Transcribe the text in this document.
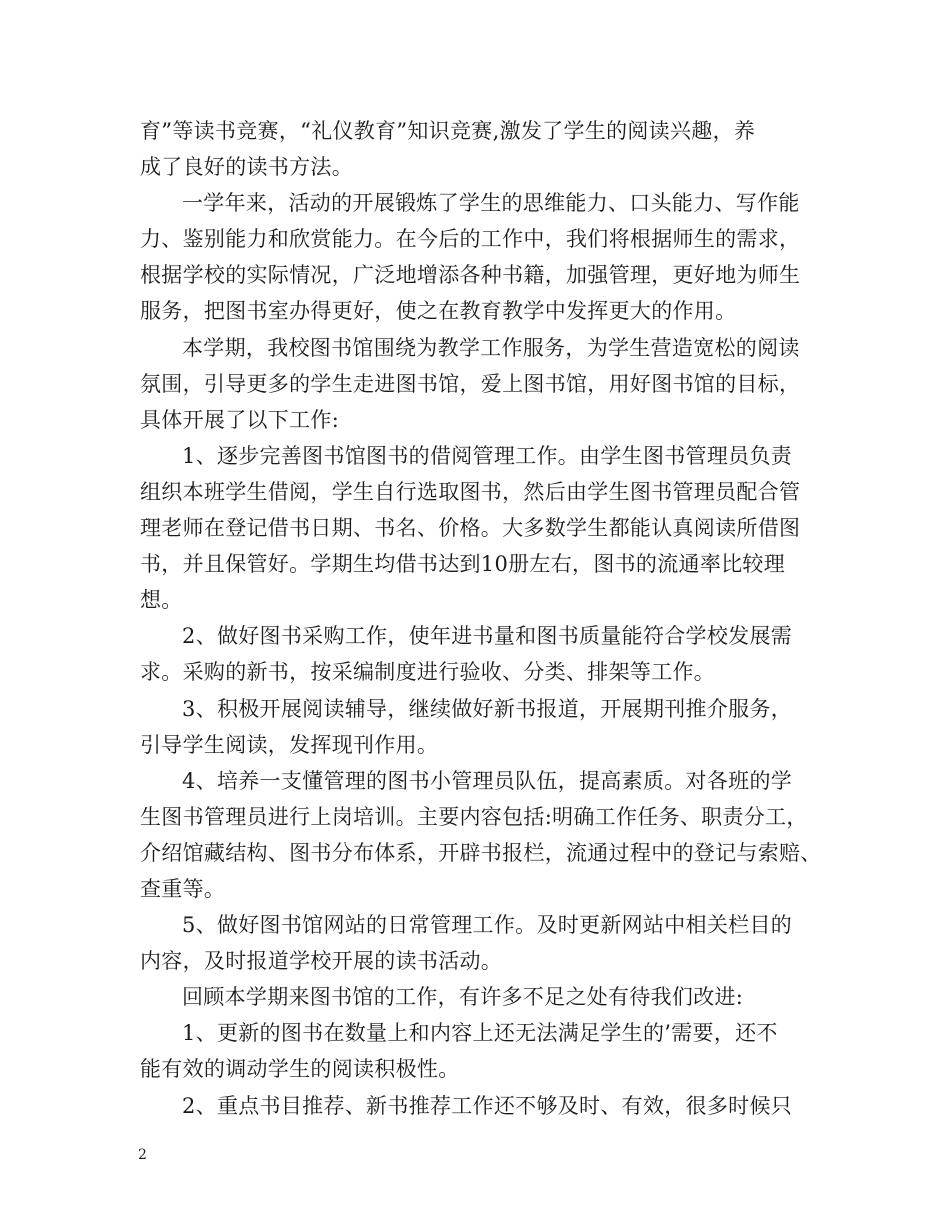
育”等读书竞赛，“礼仪教育”知识竞赛,激发了学生的阅读兴趣，养
成了良好的读书方法。
一学年来，活动的开展锻炼了学生的思维能力、口头能力、写作能
力、鉴别能力和欣赏能力。在今后的工作中，我们将根据师生的需求，
根据学校的实际情况，广泛地增添各种书籍，加强管理，更好地为师生
服务，把图书室办得更好，使之在教育教学中发挥更大的作用。
本学期，我校图书馆围绕为教学工作服务，为学生营造宽松的阅读
氛围，引导更多的学生走进图书馆，爱上图书馆，用好图书馆的目标，
具体开展了以下工作:
1、逐步完善图书馆图书的借阅管理工作。由学生图书管理员负责
组织本班学生借阅，学生自行选取图书，然后由学生图书管理员配合管
理老师在登记借书日期、书名、价格。大多数学生都能认真阅读所借图
书，并且保管好。学期生均借书达到10册左右，图书的流通率比较理
想。
2、做好图书采购工作，使年进书量和图书质量能符合学校发展需
求。采购的新书，按采编制度进行验收、分类、排架等工作。
3、积极开展阅读辅导，继续做好新书报道，开展期刊推介服务，
引导学生阅读，发挥现刊作用。
4、培养一支懂管理的图书小管理员队伍，提高素质。对各班的学
生图书管理员进行上岗培训。主要内容包括:明确工作任务、职责分工，
介绍馆藏结构、图书分布体系，开辟书报栏，流通过程中的登记与索赔、
查重等。
5、做好图书馆网站的日常管理工作。及时更新网站中相关栏目的
内容，及时报道学校开展的读书活动。
回顾本学期来图书馆的工作，有许多不足之处有待我们改进:
1、更新的图书在数量上和内容上还无法满足学生的’需要，还不
能有效的调动学生的阅读积极性。
2、重点书目推荐、新书推荐工作还不够及时、有效，很多时候只
2
